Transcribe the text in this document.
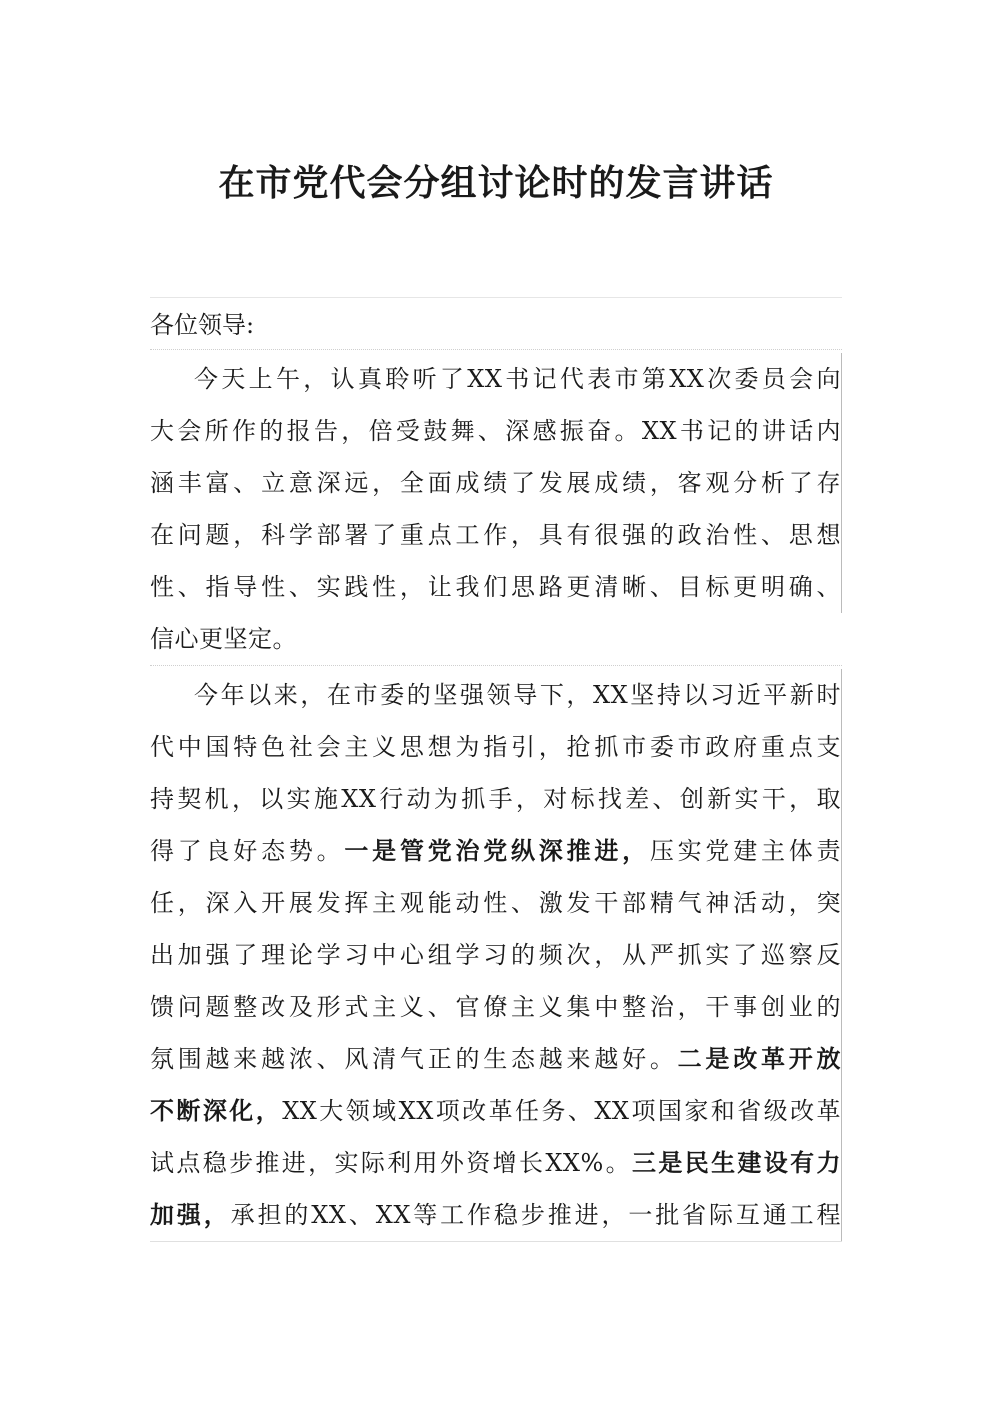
在市党代会分组讨论时的发言讲话
各位领导:
今天上午，认真聆听了XX书记代表市第XX次委员会向
大会所作的报告，倍受鼓舞、深感振奋。XX书记的讲话内
涵丰富、立意深远，全面成绩了发展成绩，客观分析了存
在问题，科学部署了重点工作，具有很强的政治性、思想
性、指导性、实践性，让我们思路更清晰、目标更明确、
信心更坚定。
今年以来，在市委的坚强领导下，XX坚持以习近平新时
代中国特色社会主义思想为指引，抢抓市委市政府重点支
持契机，以实施XX行动为抓手，对标找差、创新实干，取
得了良好态势。一是管党治党纵深推进，压实党建主体责
任，深入开展发挥主观能动性、激发干部精气神活动，突
出加强了理论学习中心组学习的频次，从严抓实了巡察反
馈问题整改及形式主义、官僚主义集中整治，干事创业的
氛围越来越浓、风清气正的生态越来越好。二是改革开放
不断深化，XX大领域XX项改革任务、XX项国家和省级改革
试点稳步推进，实际利用外资增长XX%。三是民生建设有力
加强，承担的XX、XX等工作稳步推进，一批省际互通工程
